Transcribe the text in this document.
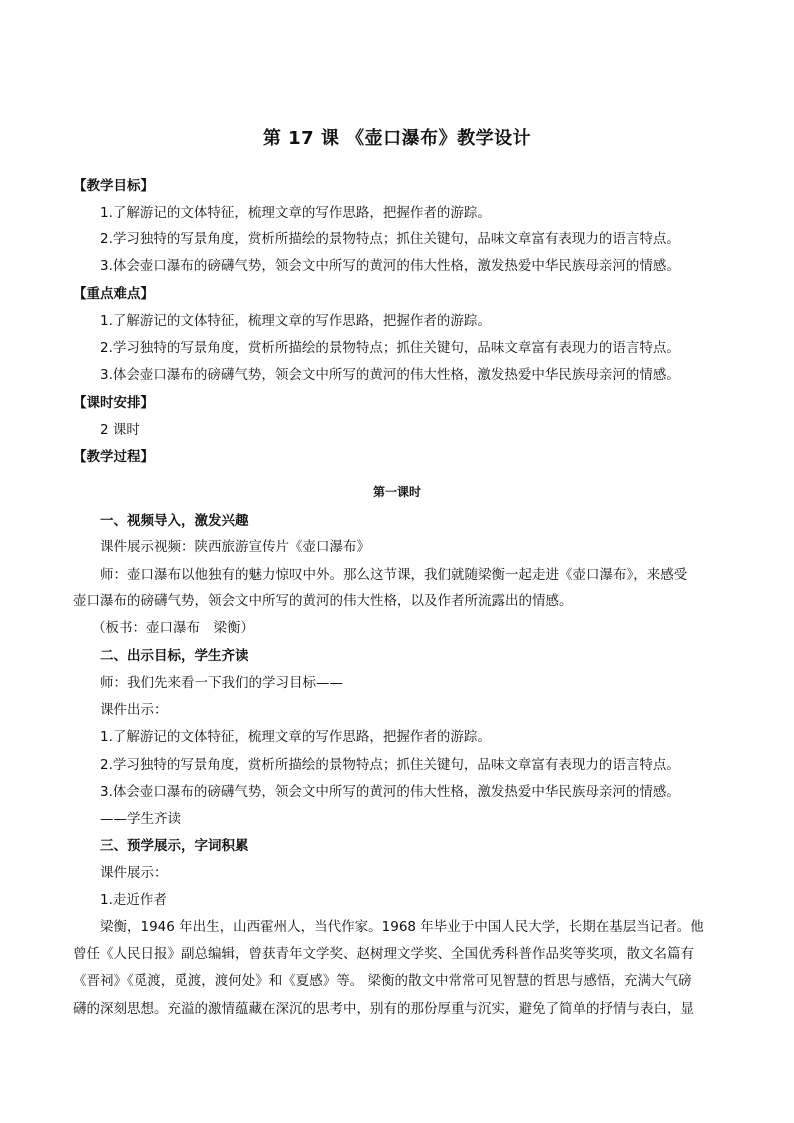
第 17 课 《壶口瀑布》教学设计
【教学目标】
1.了解游记的文体特征，梳理文章的写作思路，把握作者的游踪。
2.学习独特的写景角度，赏析所描绘的景物特点；抓住关键句，品味文章富有表现力的语言特点。
3.体会壶口瀑布的磅礴气势，领会文中所写的黄河的伟大性格，激发热爱中华民族母亲河的情感。
【重点难点】
1.了解游记的文体特征，梳理文章的写作思路，把握作者的游踪。
2.学习独特的写景角度，赏析所描绘的景物特点；抓住关键句，品味文章富有表现力的语言特点。
3.体会壶口瀑布的磅礴气势，领会文中所写的黄河的伟大性格，激发热爱中华民族母亲河的情感。
【课时安排】
2 课时
【教学过程】
第一课时
一、视频导入，激发兴趣
课件展示视频：陕西旅游宣传片《壶口瀑布》
师：壶口瀑布以他独有的魅力惊叹中外。那么这节课，我们就随梁衡一起走进《壶口瀑布》，来感受
壶口瀑布的磅礴气势，领会文中所写的黄河的伟大性格，以及作者所流露出的情感。
（板书：壶口瀑布　梁衡）
二、出示目标，学生齐读
师：我们先来看一下我们的学习目标——
课件出示：
1.了解游记的文体特征，梳理文章的写作思路，把握作者的游踪。
2.学习独特的写景角度，赏析所描绘的景物特点；抓住关键句，品味文章富有表现力的语言特点。
3.体会壶口瀑布的磅礴气势，领会文中所写的黄河的伟大性格，激发热爱中华民族母亲河的情感。
——学生齐读
三、预学展示，字词积累
课件展示：
1.走近作者
梁衡，1946 年出生，山西霍州人，当代作家。1968 年毕业于中国人民大学，长期在基层当记者。他
曾任《人民日报》副总编辑，曾获青年文学奖、赵树理文学奖、全国优秀科普作品奖等奖项，散文名篇有
《晋祠》《觅渡，觅渡，渡何处》和《夏感》等。 梁衡的散文中常常可见智慧的哲思与感悟，充满大气磅
礴的深刻思想。充溢的激情蕴藏在深沉的思考中，别有的那份厚重与沉实，避免了简单的抒情与表白，显
